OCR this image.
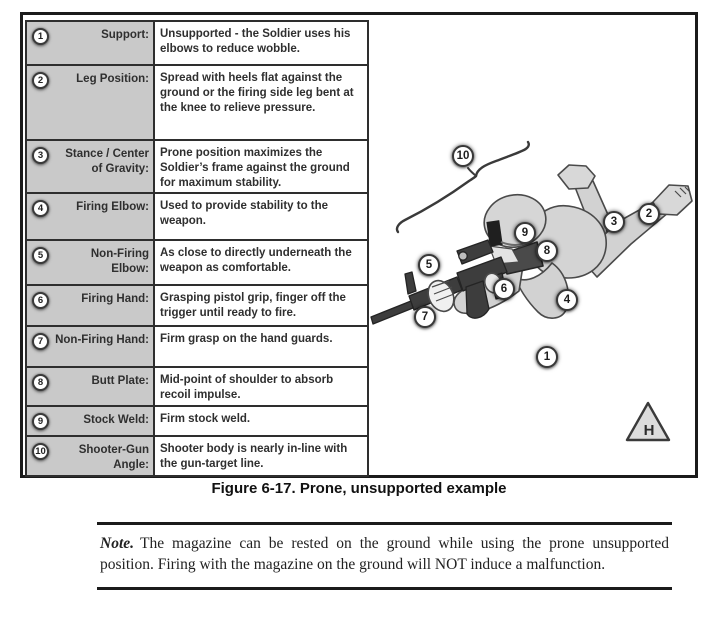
1	Support: Unsupported - the Soldier uses his elbows to reduce wobble.
2	Leg Position: Spread with heels flat against the ground or the firing side leg bent at the knee to relieve pressure.
3	Stance / Center of Gravity:
Prone position maximizes the Soldier’s frame against the ground for maximum stability.
4	Firing Elbow: Used to provide stability to the weapon.
5	Non-Firing Elbow:
As close to directly underneath the weapon as comfortable.
6	Firing Hand: Grasping pistol grip, finger off the trigger until ready to fire.
7	Non-Firing Hand: Firm grasp on the hand guards.
8	Butt Plate: Mid-point of shoulder to absorb recoil impulse.
9	Stock Weld: Firm stock weld.
10	Shooter-Gun Angle:
Shooter body is nearly in-line with the gun-target line.
H
10
2
3
9
8
5
6
4
7
1
Figure 6-17. Prone, unsupported example
Note. The magazine can be rested on the ground while using the prone unsupported position. Firing with the magazine on the ground will NOT induce a malfunction.
